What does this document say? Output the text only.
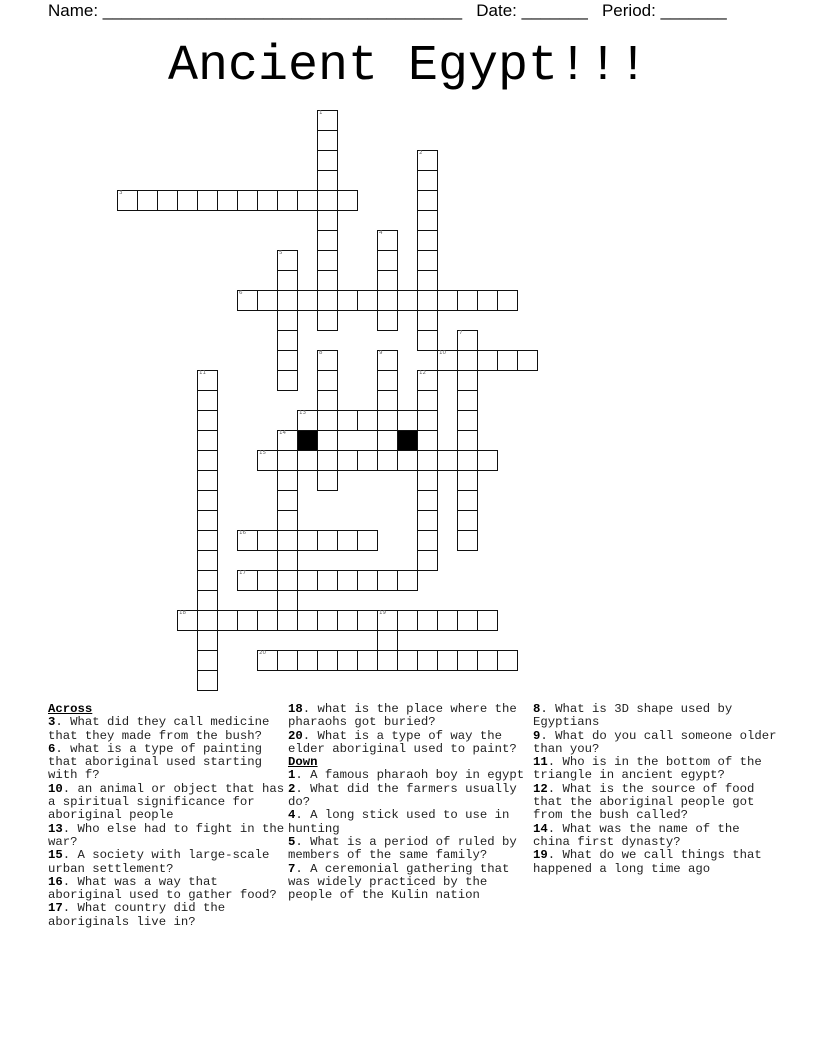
Name: ______________________________________ Date: _______ Period: _______
Ancient Egypt!!!
1
2
3
4
5
6
7
8	9	10
11	12
13
14
15
16
17
18	19
20
Across
3. What did they call medicine that they made from the bush?
6. what is a type of painting that aboriginal used starting with f?
10. an animal or object that has a spiritual significance for aboriginal people
13. Who else had to fight in the war?
15. A society with large-scale urban settlement?
16. What was a way that aboriginal used to gather food?
17. What country did the aboriginals live in?
18. what is the place where the pharaohs got buried?
20. What is a type of way the elder aboriginal used to paint?
Down
1. A famous pharaoh boy in egypt
2. What did the farmers usually do?
4. A long stick used to use in hunting
5. What is a period of ruled by members of the same family?
7. A ceremonial gathering that was widely practiced by the people of the Kulin nation
8. What is 3D shape used by Egyptians
9. What do you call someone older than you?
11. Who is in the bottom of the triangle in ancient egypt?
12. What is the source of food that the aboriginal people got from the bush called?
14. What was the name of the china first dynasty?
19. What do we call things that happened a long time ago
